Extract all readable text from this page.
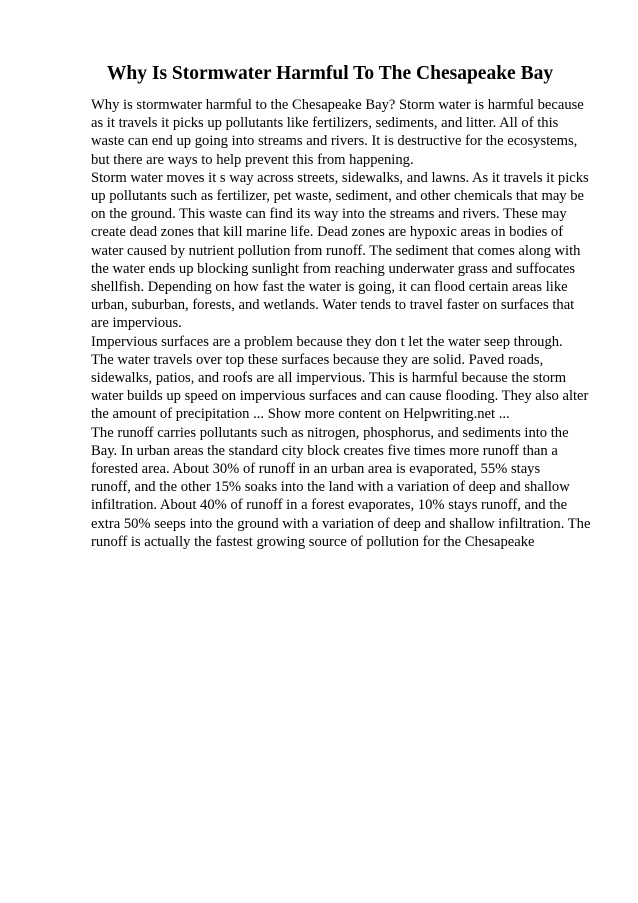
Why Is Stormwater Harmful To The Chesapeake Bay

Why is stormwater harmful to the Chesapeake Bay? Storm water is harmful because
as it travels it picks up pollutants like fertilizers, sediments, and litter. All of this
waste can end up going into streams and rivers. It is destructive for the ecosystems,
but there are ways to help prevent this from happening.

Storm water moves it s way across streets, sidewalks, and lawns. As it travels it picks
up pollutants such as fertilizer, pet waste, sediment, and other chemicals that may be
on the ground. This waste can find its way into the streams and rivers. These may
create dead zones that kill marine life. Dead zones are hypoxic areas in bodies of
water caused by nutrient pollution from runoff. The sediment that comes along with
the water ends up blocking sunlight from reaching underwater grass and suffocates
shellfish. Depending on how fast the water is going, it can flood certain areas like
urban, suburban, forests, and wetlands. Water tends to travel faster on surfaces that
are impervious.

Impervious surfaces are a problem because they don t let the water seep through.
The water travels over top these surfaces because they are solid. Paved roads,
sidewalks, patios, and roofs are all impervious. This is harmful because the storm
water builds up speed on impervious surfaces and can cause flooding. They also alter
the amount of precipitation ... Show more content on Helpwriting.net ...

The runoff carries pollutants such as nitrogen, phosphorus, and sediments into the
Bay. In urban areas the standard city block creates five times more runoff than a
forested area. About 30% of runoff in an urban area is evaporated, 55% stays
runoff, and the other 15% soaks into the land with a variation of deep and shallow
infiltration. About 40% of runoff in a forest evaporates, 10% stays runoff, and the
extra 50% seeps into the ground with a variation of deep and shallow infiltration. The
runoff is actually the fastest growing source of pollution for the Chesapeake
